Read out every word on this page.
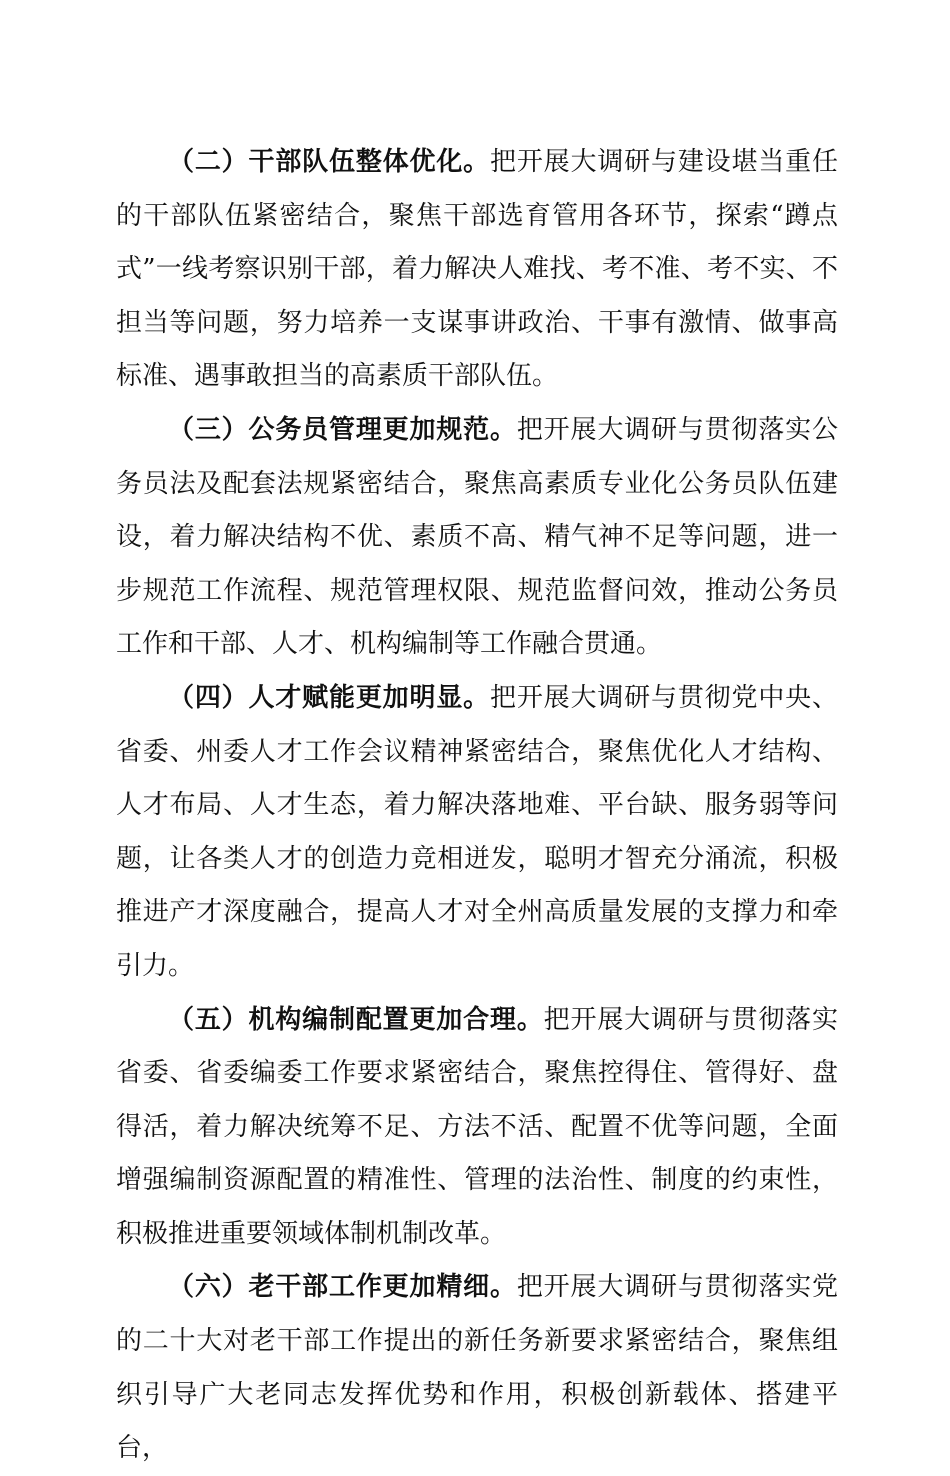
（二）干部队伍整体优化。把开展大调研与建设堪当重任的干部队伍紧密结合，聚焦干部选育管用各环节，探索“蹲点式”一线考察识别干部，着力解决人难找、考不准、考不实、不担当等问题，努力培养一支谋事讲政治、干事有激情、做事高标准、遇事敢担当的高素质干部队伍。

（三）公务员管理更加规范。把开展大调研与贯彻落实公务员法及配套法规紧密结合，聚焦高素质专业化公务员队伍建设，着力解决结构不优、素质不高、精气神不足等问题，进一步规范工作流程、规范管理权限、规范监督问效，推动公务员工作和干部、人才、机构编制等工作融合贯通。

（四）人才赋能更加明显。把开展大调研与贯彻党中央、省委、州委人才工作会议精神紧密结合，聚焦优化人才结构、人才布局、人才生态，着力解决落地难、平台缺、服务弱等问题，让各类人才的创造力竞相迸发，聪明才智充分涌流，积极推进产才深度融合，提高人才对全州高质量发展的支撑力和牵引力。

（五）机构编制配置更加合理。把开展大调研与贯彻落实省委、省委编委工作要求紧密结合，聚焦控得住、管得好、盘得活，着力解决统筹不足、方法不活、配置不优等问题，全面增强编制资源配置的精准性、管理的法治性、制度的约束性，积极推进重要领域体制机制改革。

（六）老干部工作更加精细。把开展大调研与贯彻落实党的二十大对老干部工作提出的新任务新要求紧密结合，聚焦组织引导广大老同志发挥优势和作用，积极创新载体、搭建平台，
